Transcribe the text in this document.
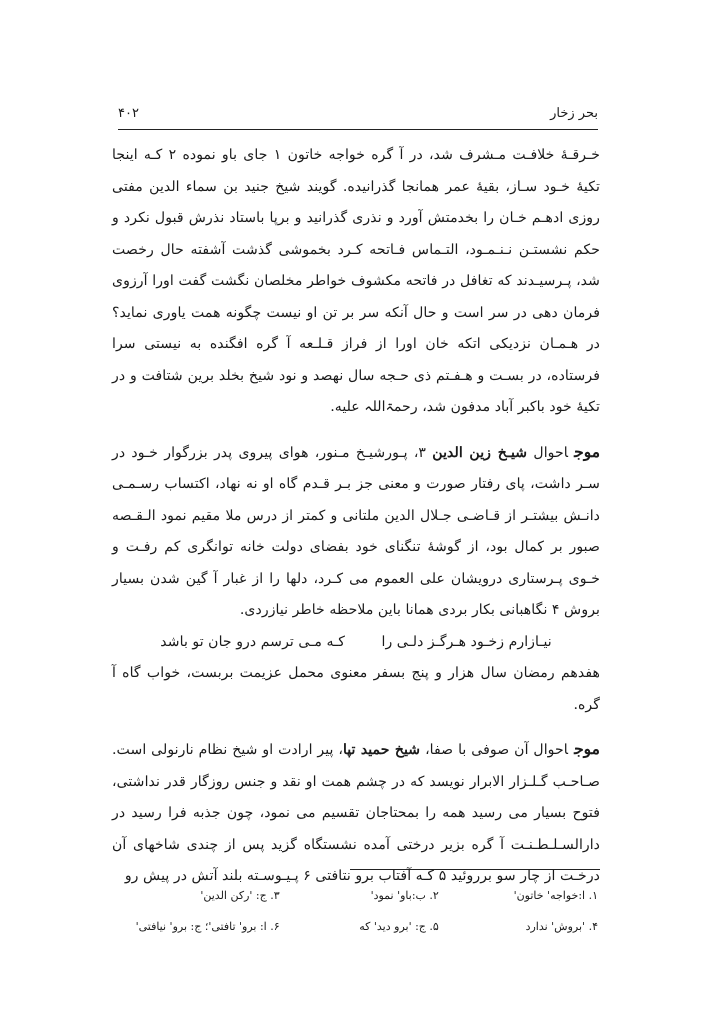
۴۰۲	بحر زخار

خـرقـهٔ خلافـت مـشرف شد، در آ گره خواجه خاتون ۱ جای باو نموده ۲ کـه اینجا تکیهٔ خـود سـاز، بقیهٔ عمر همانجا گذرانیده. گویند شیخ جنید بن سماء الدین مفتی روزی ادهـم خـان را بخدمتش آورد و نذری گذرانید و برپا باستاد نذرش قبول نکرد و حکم نشستـن نـنـمـود، التـماس فـاتحه کـرد بخموشی گذشت آشفته حال رخصت شد، پـرسیـدند که تغافل در فاتحه مکشوف خواطر مخلصان نگشت گفت اورا آرزوی فرمان دهی در سر است و حال آنکه سر بر تن او نیست چگونه همت یاوری نماید؟ در هـمـان نزدیکی اتکه خان اورا از فراز قـلـعه آ گره افگنده به نیستی سرا فرستاده، در بسـت و هـفـتم ذی حـجه سال نهصد و نود شیخ بخلد برین شتافت و در تکیهٔ خود باکبر آباد مدفون شد، رحمۃاللہ علیه.

موجاحوال شیـخ زین الدین ۳، پـورشیـخ مـنور، هوای پیروی پدر بزرگوار خـود در سـر داشت، پای رفتار صورت و معنی جز بـر قـدم گاه او نه نهاد، اکتساب رسـمـی دانـش بیشتـر از قـاضـی جـلال الدین ملتانی و کمتر از درس ملا مقیم نمود الـقـصه صبور بر کمال بود، از گوشهٔ تنگنای خود بفضای دولت خانه توانگری کم رفـت و خـوی پـرستاری درویشان علی العموم می کـرد، دلها را از غبار آ گین شدن بسیار بروش ۴ نگاهبانی بکار بردی همانا باین ملاحظه خاطر نیازردی.

نیـازارم زخـود هـرگـز دلـی را
کـه مـی ترسم درو جان تو باشد

هفدهم رمضان سال هزار و پنج بسفر معنوی محمل عزیمت بربست، خواب گاه آ گره.

موجاحوال آن صوفی با صفا، شیخ حمید تپا، پیر ارادت او شیخ نظام نارنولی است. صـاحـب گـلـزار الابرار نویسد که در چشم همت او نقد و جنس روزگار قدر نداشتی، فتوح بسیار می رسید همه را بمحتاجان تقسیم می نمود، چون جذبه فرا رسید در دارالسـلـطـنـت آ گره بزیر درختی آمده نشستگاه گزید پس از چندی شاخهای آن درخـت از چار سو برروئید ۵ کـه آفتاب برو نتافتی ۶ پـیـوسـته بلند آتش در پیش رو

۱. ا:خواجه' خاتون'
۲. ب:باو' نمود'
۳. ج: 'رکن الدین'
۴. 'بروش' ندارد
۵. ج: 'برو دید' که
۶. ا: برو' تافتی'؛ ج: برو' نیافتی'
